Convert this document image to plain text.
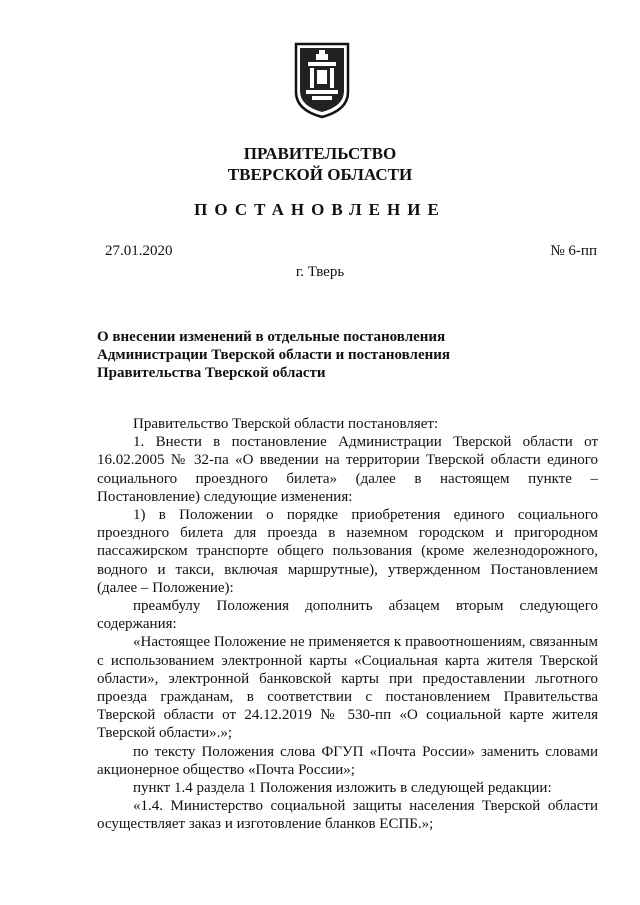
ПРАВИТЕЛЬСТВО
ТВЕРСКОЙ ОБЛАСТИ
ПОСТАНОВЛЕНИЕ
27.01.2020	№ 6-пп
г. Тверь
О внесении изменений в отдельные постановления
Администрации Тверской области и постановления
Правительства Тверской области

Правительство Тверской области постановляет:

1. Внести в постановление Администрации Тверской области от 16.02.2005 № 32-па «О введении на территории Тверской области единого социального проездного билета» (далее в настоящем пункте – Постановление) следующие изменения:

1) в Положении о порядке приобретения единого социального проездного билета для проезда в наземном городском и пригородном пассажирском транспорте общего пользования (кроме железнодорожного, водного и такси, включая маршрутные), утвержденном Постановлением (далее – Положение):

преамбулу Положения дополнить абзацем вторым следующего содержания:

«Настоящее Положение не применяется к правоотношениям, связанным с использованием электронной карты «Социальная карта жителя Тверской области», электронной банковской карты при предоставлении льготного проезда гражданам, в соответствии с постановлением Правительства Тверской области от 24.12.2019 № 530-пп «О социальной карте жителя Тверской области».»;

по тексту Положения слова ФГУП «Почта России» заменить словами акционерное общество «Почта России»;

пункт 1.4 раздела 1 Положения изложить в следующей редакции:

«1.4. Министерство социальной защиты населения Тверской области осуществляет заказ и изготовление бланков ЕСПБ.»;
